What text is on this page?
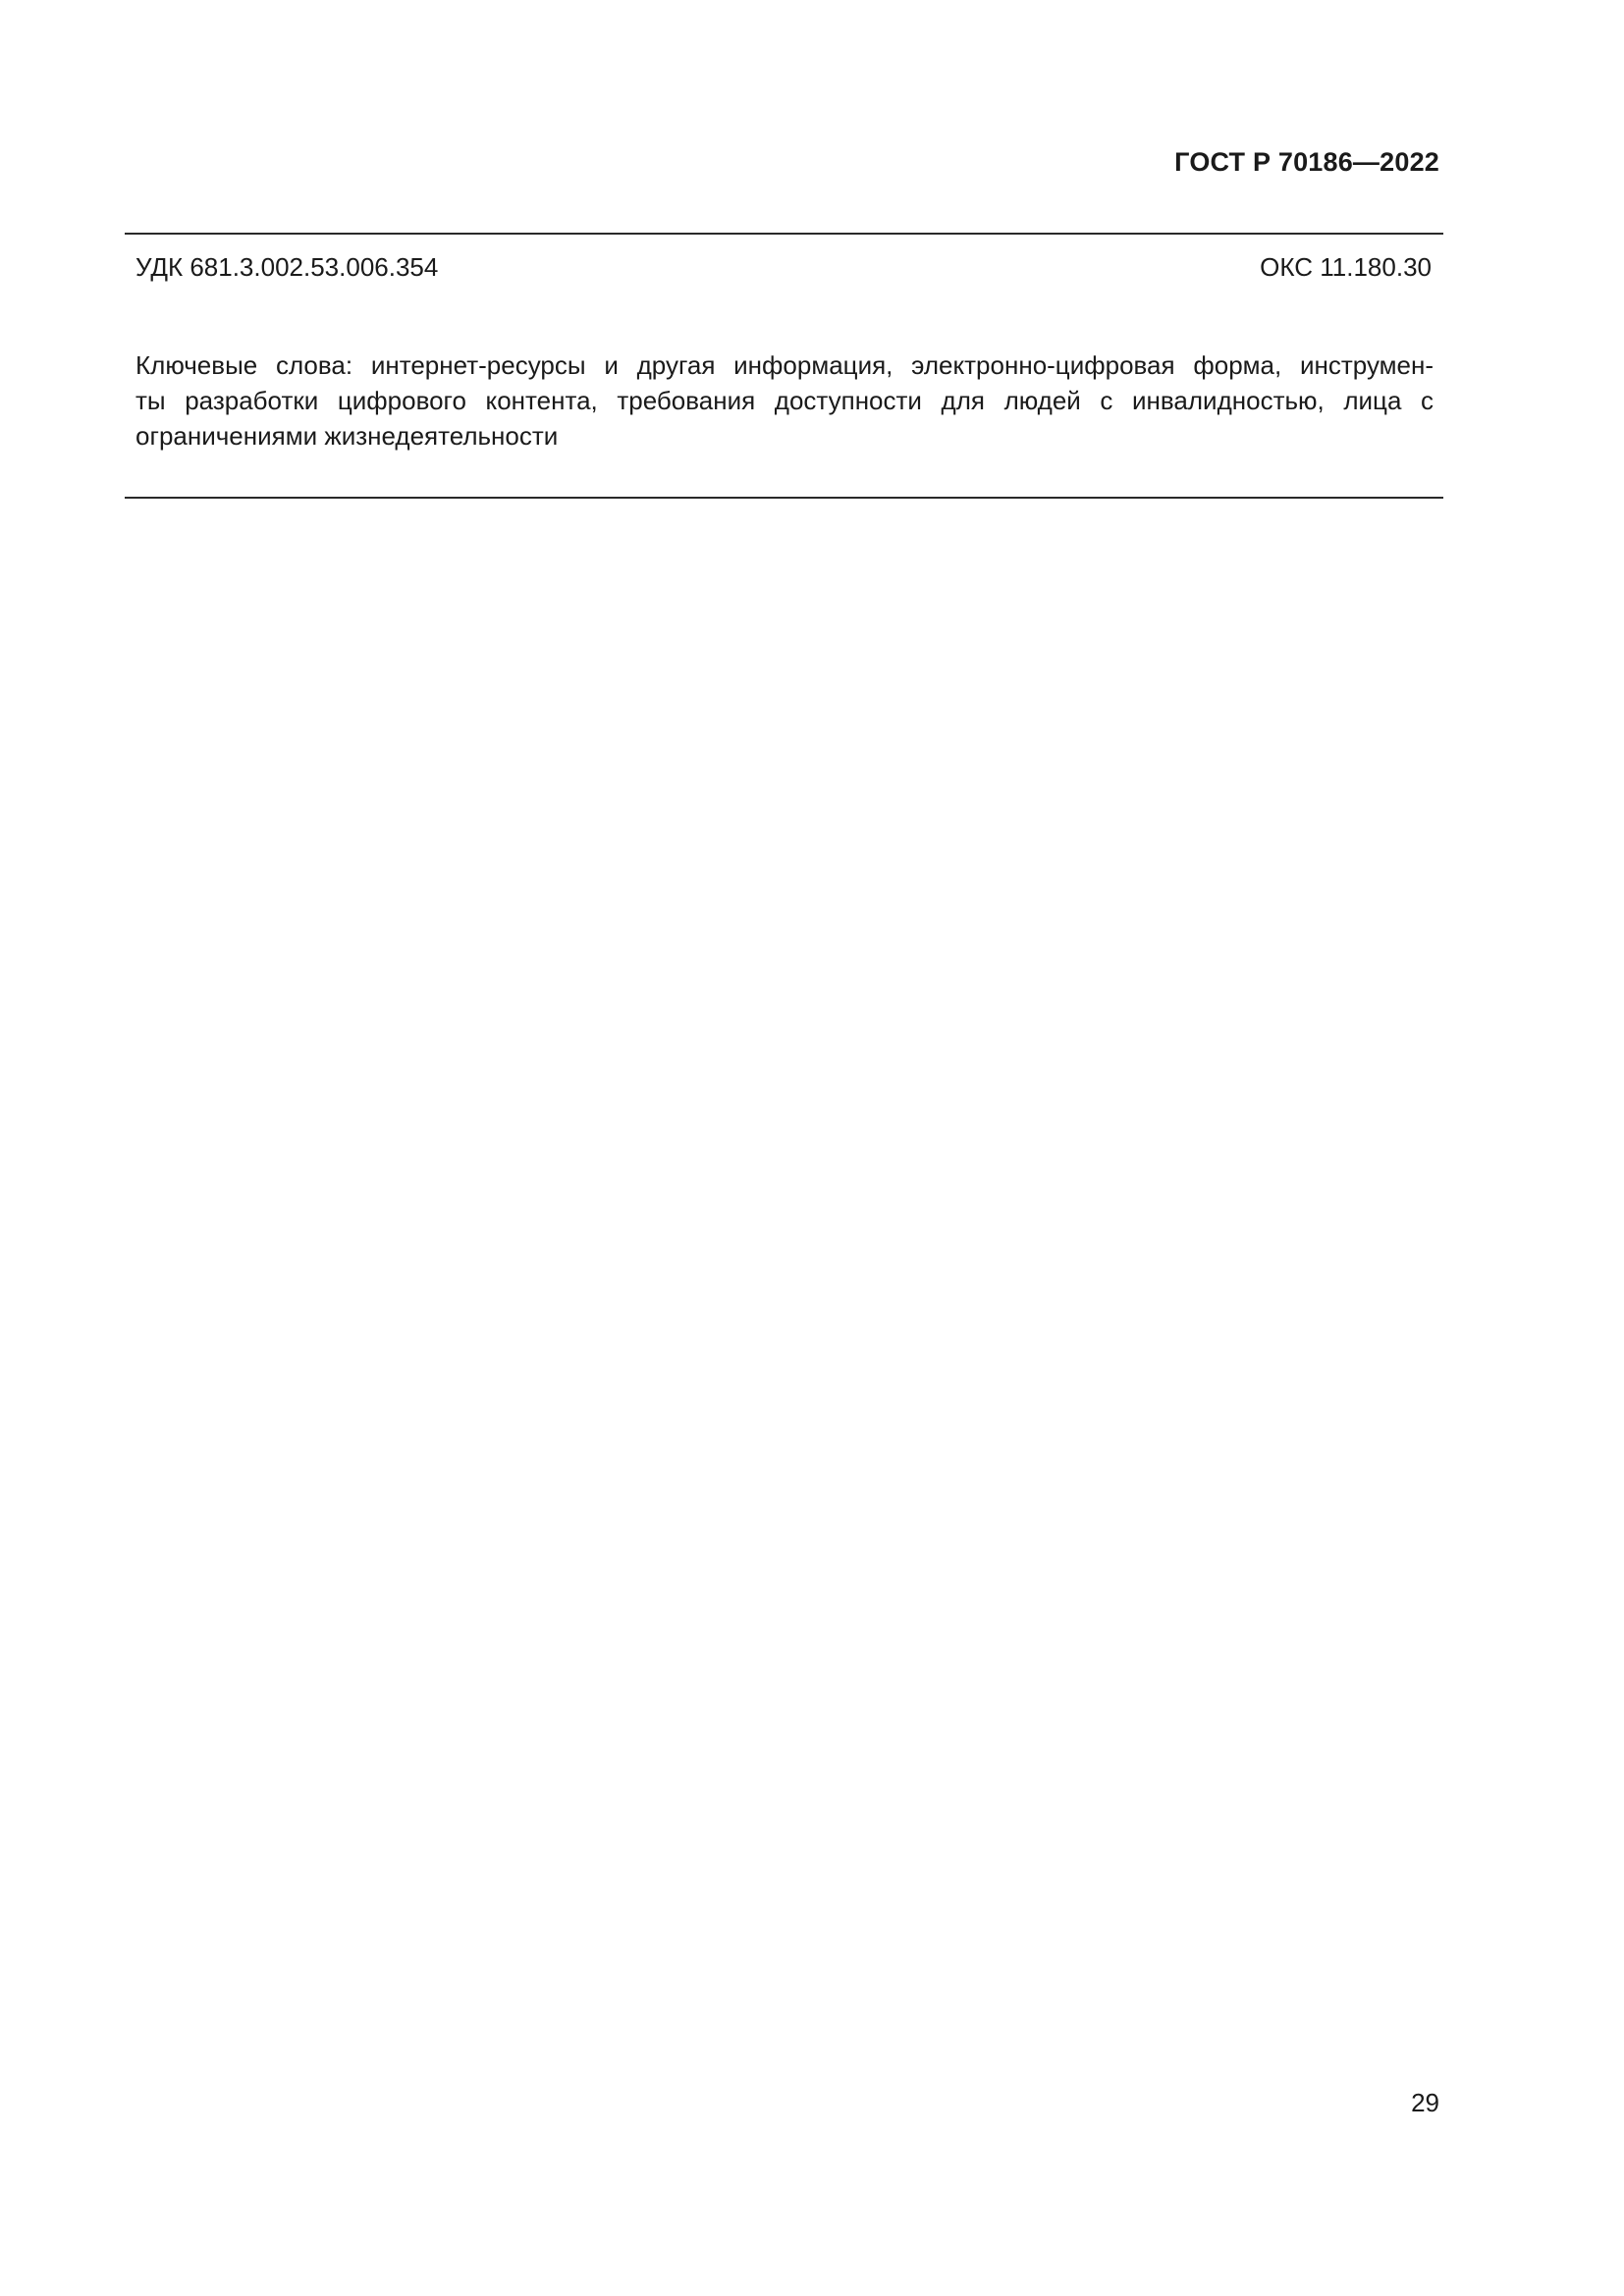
ГОСТ Р 70186—2022
УДК 681.3.002.53.006.354	ОКС 11.180.30
Ключевые слова: интернет-ресурсы и другая информация, электронно-цифровая форма, инструмен-
ты разработки цифрового контента, требования доступности для людей с инвалидностью, лица с
ограничениями жизнедеятельности
29
